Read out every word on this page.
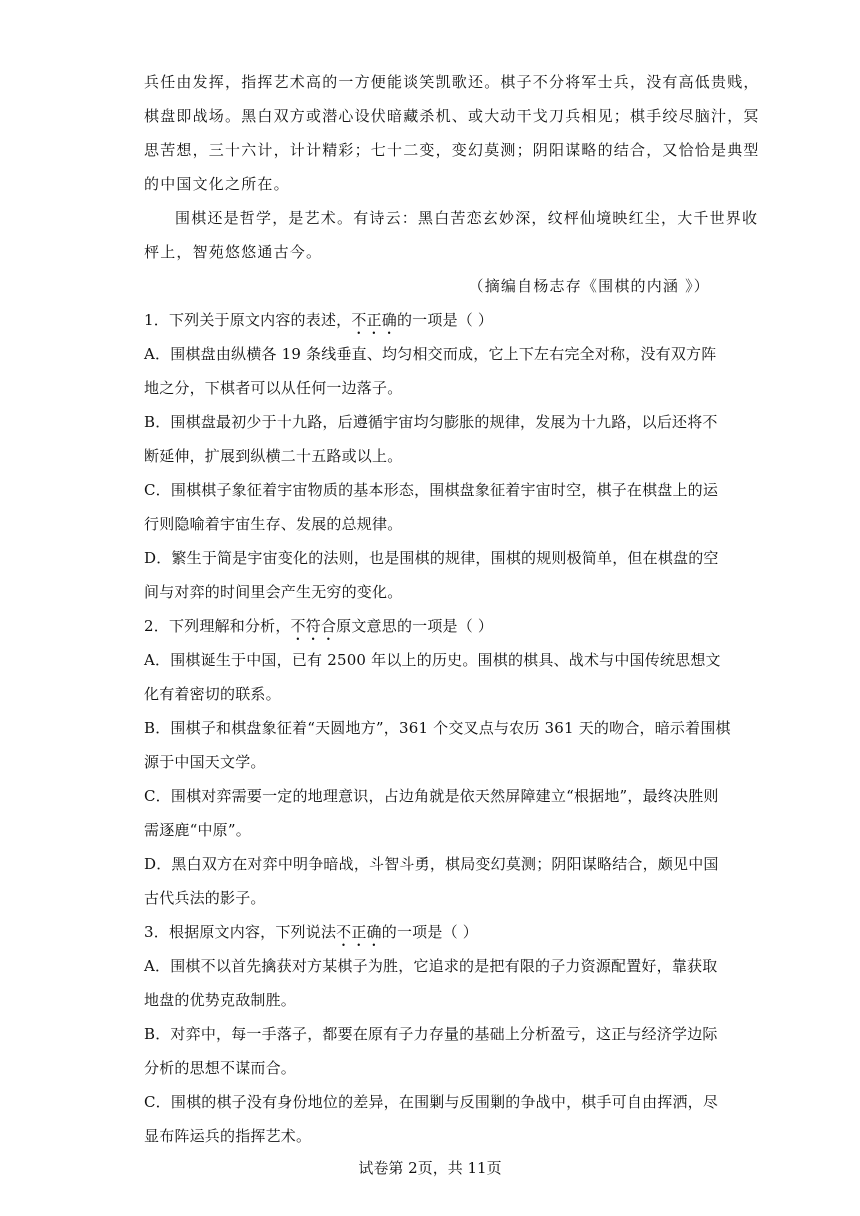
兵任由发挥，指挥艺术高的一方便能谈笑凯歌还。棋子不分将军士兵，没有高低贵贱，
棋盘即战场。黑白双方或潜心设伏暗藏杀机、或大动干戈刀兵相见；棋手绞尽脑汁，冥
思苦想，三十六计，计计精彩；七十二变，变幻莫测；阴阳谋略的结合，又恰恰是典型
的中国文化之所在。
围棋还是哲学，是艺术。有诗云：黑白苦恋玄妙深，纹枰仙境映红尘，大千世界收
枰上，智苑悠悠通古今。
（摘编自杨志存《围棋的内涵 》）
1．下列关于原文内容的表述，不正确的一项是（ ）
A．围棋盘由纵横各 19 条线垂直、均匀相交而成，它上下左右完全对称，没有双方阵
地之分，下棋者可以从任何一边落子。
B．围棋盘最初少于十九路，后遵循宇宙均匀膨胀的规律，发展为十九路，以后还将不
断延伸，扩展到纵横二十五路或以上。
C．围棋棋子象征着宇宙物质的基本形态，围棋盘象征着宇宙时空，棋子在棋盘上的运
行则隐喻着宇宙生存、发展的总规律。
D．繁生于简是宇宙变化的法则，也是围棋的规律，围棋的规则极简单，但在棋盘的空
间与对弈的时间里会产生无穷的变化。
2．下列理解和分析，不符合原文意思的一项是（ ）
A．围棋诞生于中国，已有 2500 年以上的历史。围棋的棋具、战术与中国传统思想文
化有着密切的联系。
B．围棋子和棋盘象征着“天圆地方”，361 个交叉点与农历 361 天的吻合，暗示着围棋
源于中国天文学。
C．围棋对弈需要一定的地理意识，占边角就是依天然屏障建立“根据地”，最终决胜则
需逐鹿“中原”。
D．黑白双方在对弈中明争暗战，斗智斗勇，棋局变幻莫测；阴阳谋略结合，颇见中国
古代兵法的影子。
3．根据原文内容，下列说法不正确的一项是（ ）
A．围棋不以首先擒获对方某棋子为胜，它追求的是把有限的子力资源配置好，靠获取
地盘的优势克敌制胜。
B．对弈中，每一手落子，都要在原有子力存量的基础上分析盈亏，这正与经济学边际
分析的思想不谋而合。
C．围棋的棋子没有身份地位的差异，在围剿与反围剿的争战中，棋手可自由挥洒，尽
显布阵运兵的指挥艺术。
试卷第 2页，共 11页
